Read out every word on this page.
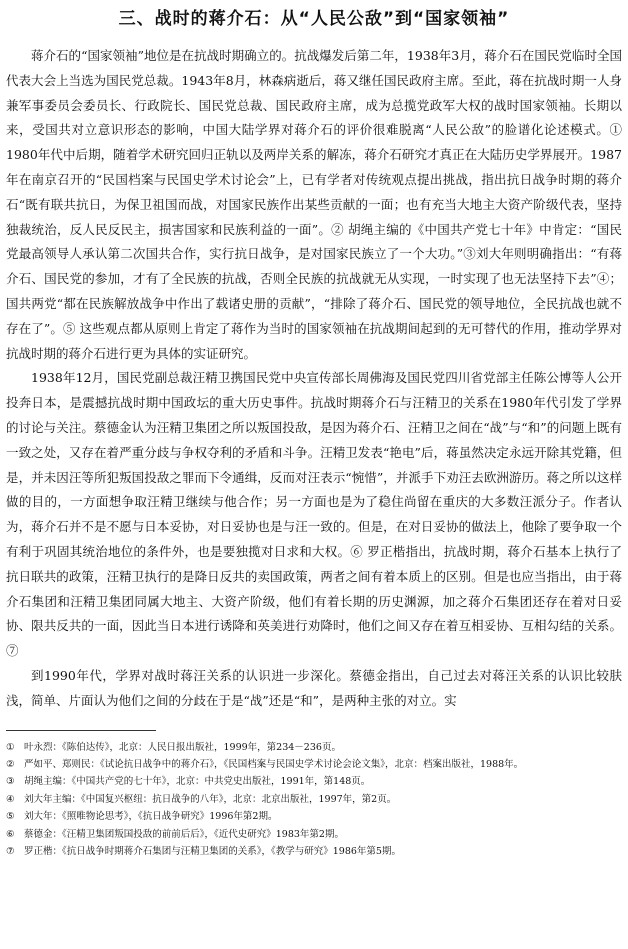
三、战时的蒋介石：从“人民公敌”到“国家领袖”

蒋介石的“国家领袖”地位是在抗战时期确立的。抗战爆发后第二年，1938年3月，蒋介石在国民党临时全国代表大会上当选为国民党总裁。1943年8月，林森病逝后，蒋又继任国民政府主席。至此，蒋在抗战时期一人身兼军事委员会委员长、行政院长、国民党总裁、国民政府主席，成为总揽党政军大权的战时国家领袖。长期以来，受国共对立意识形态的影响，中国大陆学界对蒋介石的评价很难脱离“人民公敌”的脸谱化论述模式。① 1980年代中后期，随着学术研究回归正轨以及两岸关系的解冻，蒋介石研究才真正在大陆历史学界展开。1987年在南京召开的“民国档案与民国史学术讨论会”上，已有学者对传统观点提出挑战，指出抗日战争时期的蒋介石“既有联共抗日，为保卫祖国而战，对国家民族作出某些贡献的一面；也有充当大地主大资产阶级代表，坚持独裁统治，反人民反民主，损害国家和民族利益的一面”。② 胡绳主编的《中国共产党七十年》中肯定：“国民党最高领导人承认第二次国共合作，实行抗日战争，是对国家民族立了一个大功。”③刘大年则明确指出：“有蒋介石、国民党的参加，才有了全民族的抗战，否则全民族的抗战就无从实现，一时实现了也无法坚持下去”④；国共两党“都在民族解放战争中作出了载诸史册的贡献”，“排除了蒋介石、国民党的领导地位，全民抗战也就不存在了”。⑤ 这些观点都从原则上肯定了蒋作为当时的国家领袖在抗战期间起到的无可替代的作用，推动学界对抗战时期的蒋介石进行更为具体的实证研究。

1938年12月，国民党副总裁汪精卫携国民党中央宣传部长周佛海及国民党四川省党部主任陈公博等人公开投奔日本，是震撼抗战时期中国政坛的重大历史事件。抗战时期蒋介石与汪精卫的关系在1980年代引发了学界的讨论与关注。蔡德金认为汪精卫集团之所以叛国投敌，是因为蒋介石、汪精卫之间在“战”与“和”的问题上既有一致之处，又存在着严重分歧与争权夺利的矛盾和斗争。汪精卫发表“艳电”后，蒋虽然决定永远开除其党籍，但是，并未因汪等所犯叛国投敌之罪而下令通缉，反而对汪表示“惋惜”，并派手下劝汪去欧洲游历。蒋之所以这样做的目的，一方面想争取汪精卫继续与他合作；另一方面也是为了稳住尚留在重庆的大多数汪派分子。作者认为，蒋介石并不是不愿与日本妥协，对日妥协也是与汪一致的。但是，在对日妥协的做法上，他除了要争取一个有利于巩固其统治地位的条件外，也是要独揽对日求和大权。⑥ 罗正楷指出，抗战时期，蒋介石基本上执行了抗日联共的政策，汪精卫执行的是降日反共的卖国政策，两者之间有着本质上的区别。但是也应当指出，由于蒋介石集团和汪精卫集团同属大地主、大资产阶级，他们有着长期的历史渊源，加之蒋介石集团还存在着对日妥协、限共反共的一面，因此当日本进行诱降和英美进行劝降时，他们之间又存在着互相妥协、互相勾结的关系。⑦

到1990年代，学界对战时蒋汪关系的认识进一步深化。蔡德金指出，自己过去对蒋汪关系的认识比较肤浅，简单、片面认为他们之间的分歧在于是“战”还是“和”，是两种主张的对立。实

① 叶永烈：《陈伯达传》，北京：人民日报出版社，1999年，第234－236页。
② 严如平、郑则民：《试论抗日战争中的蒋介石》，《民国档案与民国史学术讨论会论文集》，北京：档案出版社，1988年。
③ 胡绳主编：《中国共产党的七十年》，北京：中共党史出版社，1991年，第148页。
④ 刘大年主编：《中国复兴枢纽：抗日战争的八年》，北京：北京出版社，1997年，第2页。
⑤ 刘大年：《照唯物论思考》，《抗日战争研究》1996年第2期。
⑥ 蔡德金：《汪精卫集团叛国投敌的前前后后》，《近代史研究》1983年第2期。
⑦ 罗正楷：《抗日战争时期蒋介石集团与汪精卫集团的关系》，《教学与研究》1986年第5期。
